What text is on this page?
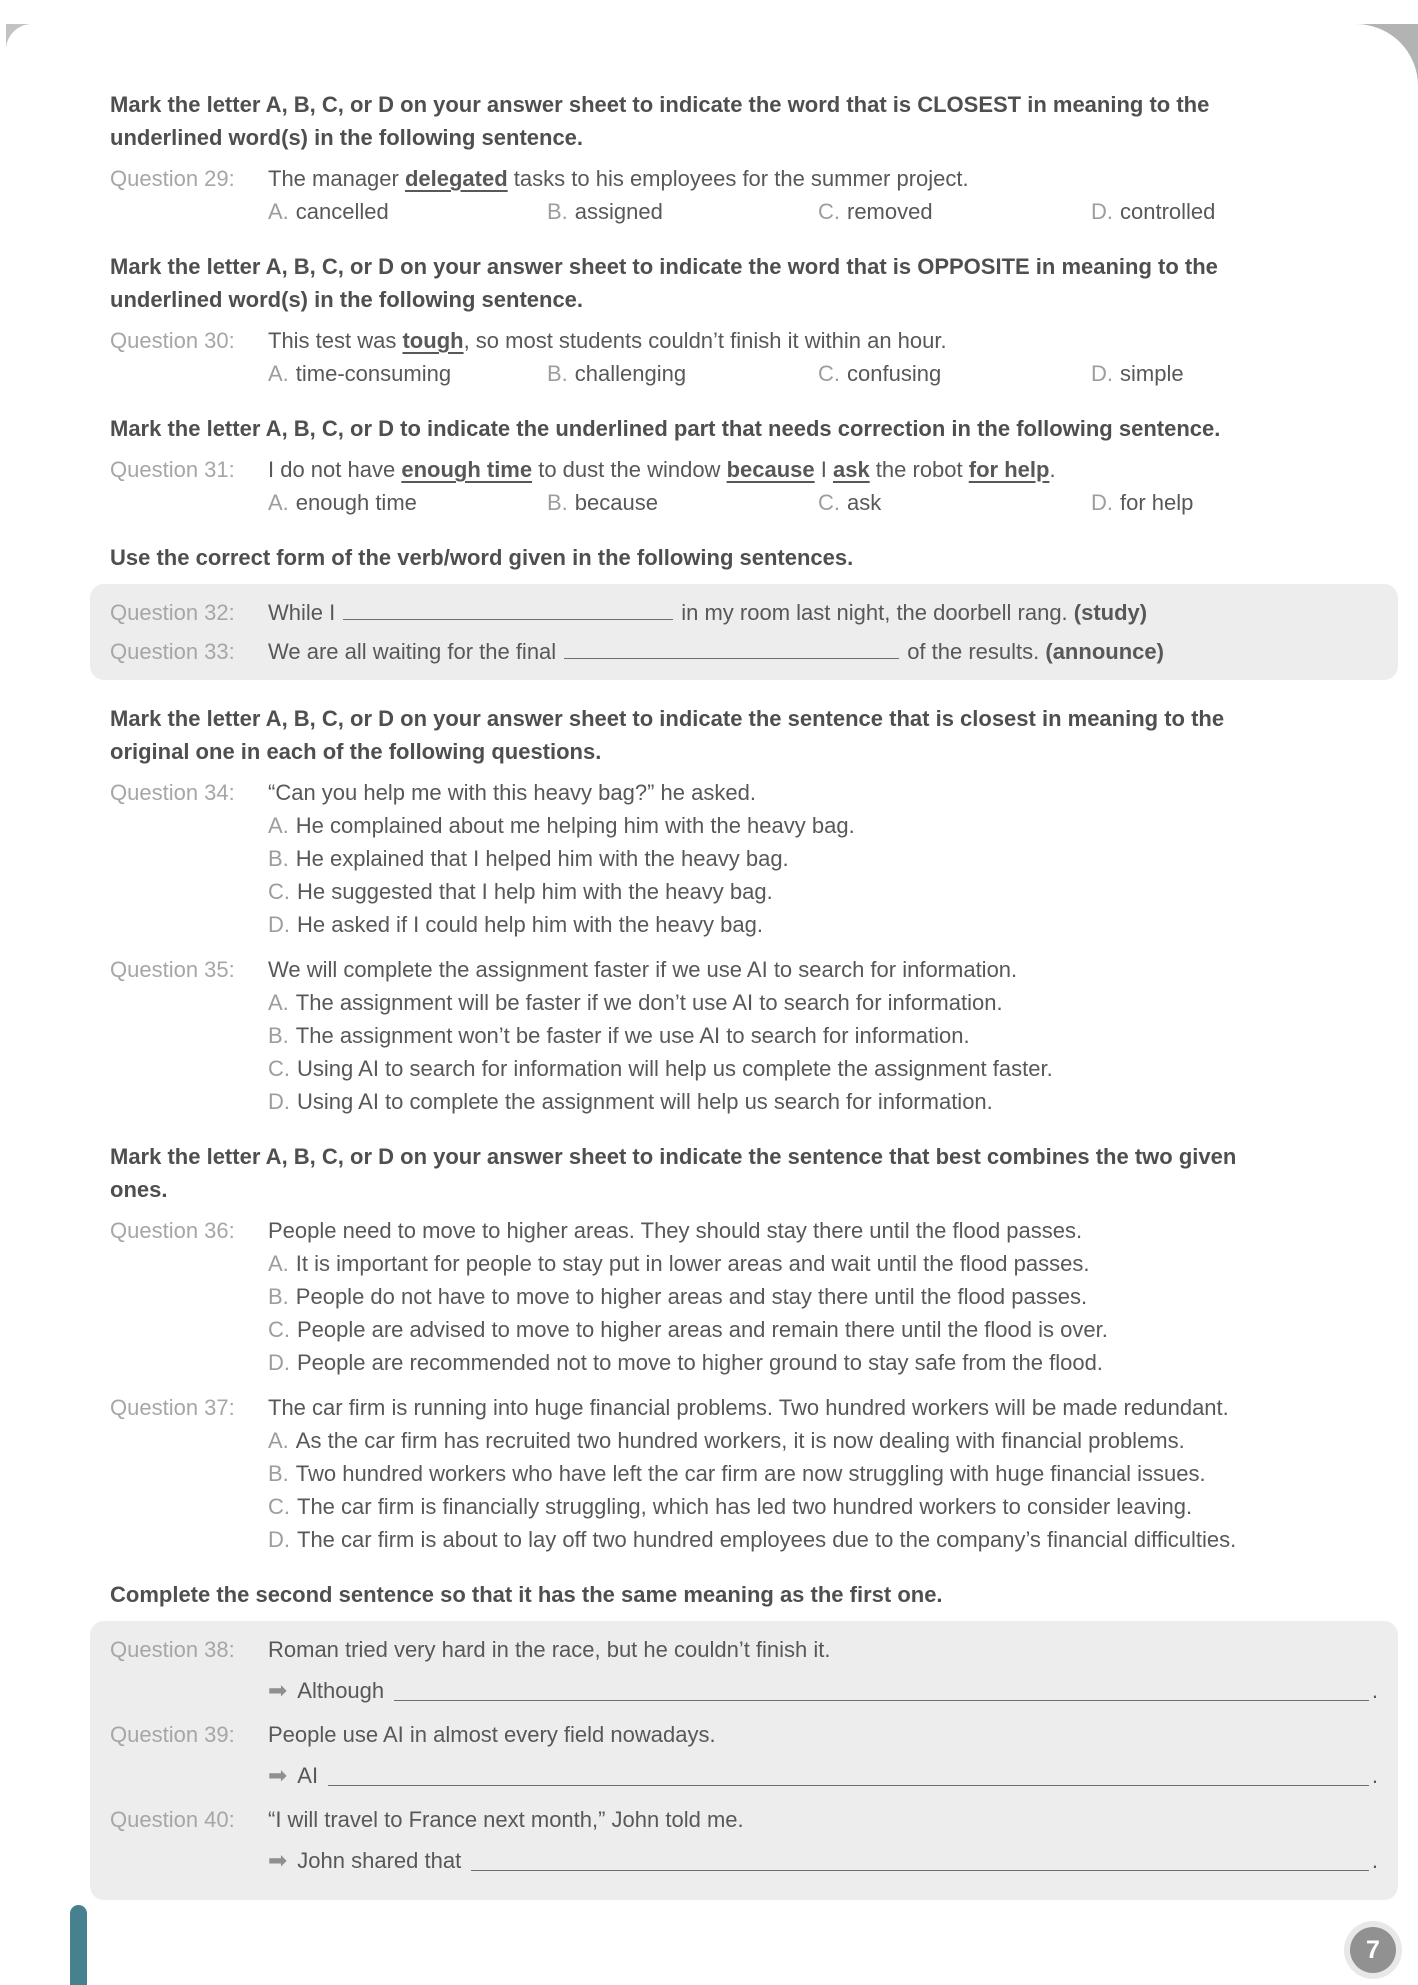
Mark the letter A, B, C, or D on your answer sheet to indicate the word that is CLOSEST in meaning to the underlined word(s) in the following sentence.

Question 29:	The manager delegated tasks to his employees for the summer project.
A. cancelled	B. assigned	C. removed	D. controlled

Mark the letter A, B, C, or D on your answer sheet to indicate the word that is OPPOSITE in meaning to the underlined word(s) in the following sentence.

Question 30:	This test was tough, so most students couldn’t finish it within an hour.
A. time-consuming	B. challenging	C. confusing	D. simple

Mark the letter A, B, C, or D to indicate the underlined part that needs correction in the following sentence.

Question 31:	I do not have enough time to dust the window because I ask the robot for help.
A. enough time	B. because	C. ask	D. for help

Use the correct form of the verb/word given in the following sentences.

Question 32:	While I	in my room last night, the doorbell rang. (study)
Question 33:	We are all waiting for the final	of the results. (announce)

Mark the letter A, B, C, or D on your answer sheet to indicate the sentence that is closest in meaning to the original one in each of the following questions.

Question 34:	“Can you help me with this heavy bag?” he asked.
A. He complained about me helping him with the heavy bag.
B. He explained that I helped him with the heavy bag.
C. He suggested that I help him with the heavy bag.
D. He asked if I could help him with the heavy bag.
Question 35:	We will complete the assignment faster if we use AI to search for information.
A. The assignment will be faster if we don’t use AI to search for information.
B. The assignment won’t be faster if we use AI to search for information.
C. Using AI to search for information will help us complete the assignment faster.
D. Using AI to complete the assignment will help us search for information.

Mark the letter A, B, C, or D on your answer sheet to indicate the sentence that best combines the two given ones.

Question 36:	People need to move to higher areas. They should stay there until the flood passes.
A. It is important for people to stay put in lower areas and wait until the flood passes.
B. People do not have to move to higher areas and stay there until the flood passes.
C. People are advised to move to higher areas and remain there until the flood is over.
D. People are recommended not to move to higher ground to stay safe from the flood.
Question 37:	The car firm is running into huge financial problems. Two hundred workers will be made redundant.
A. As the car firm has recruited two hundred workers, it is now dealing with financial problems.
B. Two hundred workers who have left the car firm are now struggling with huge financial issues.
C. The car firm is financially struggling, which has led two hundred workers to consider leaving.
D. The car firm is about to lay off two hundred employees due to the company’s financial difficulties.

Complete the second sentence so that it has the same meaning as the first one.

Question 38:	Roman tried very hard in the race, but he couldn’t finish it.
➡ Although	.
Question 39:	People use AI in almost every field nowadays.
➡ AI	.
Question 40:	“I will travel to France next month,” John told me.
➡ John shared that	.
7
